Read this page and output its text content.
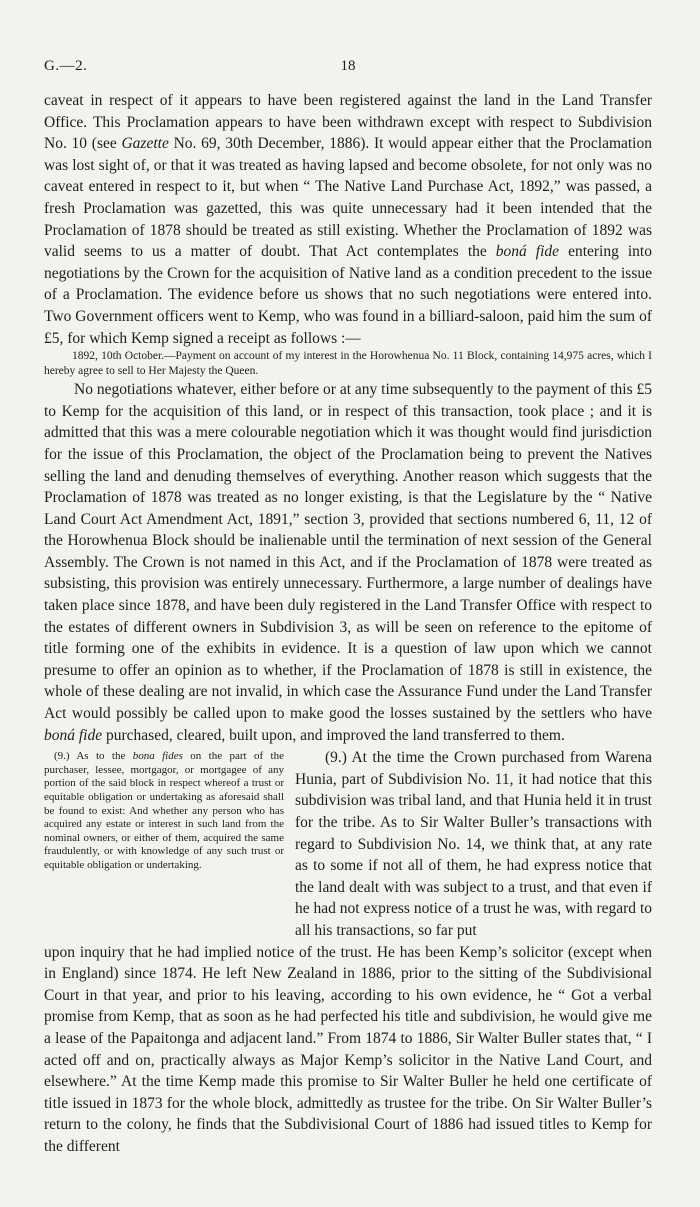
G.—2.	18

caveat in respect of it appears to have been registered against the land in the Land Transfer Office. This Proclamation appears to have been withdrawn except with respect to Subdivision No. 10 (see Gazette No. 69, 30th December, 1886). It would appear either that the Proclamation was lost sight of, or that it was treated as having lapsed and become obsolete, for not only was no caveat entered in respect to it, but when “ The Native Land Purchase Act, 1892,” was passed, a fresh Proclamation was gazetted, this was quite unnecessary had it been intended that the Proclamation of 1878 should be treated as still existing. Whether the Proclamation of 1892 was valid seems to us a matter of doubt. That Act contemplates the boná fide entering into negotiations by the Crown for the acquisition of Native land as a condition precedent to the issue of a Proclamation. The evidence before us shows that no such negotiations were entered into. Two Government officers went to Kemp, who was found in a billiard-saloon, paid him the sum of £5, for which Kemp signed a receipt as follows :—

1892, 10th October.—Payment on account of my interest in the Horowhenua No. 11 Block, containing 14,975 acres, which I hereby agree to sell to Her Majesty the Queen.

No negotiations whatever, either before or at any time subsequently to the payment of this £5 to Kemp for the acquisition of this land, or in respect of this transaction, took place ; and it is admitted that this was a mere colourable negotiation which it was thought would find jurisdiction for the issue of this Proclamation, the object of the Proclamation being to prevent the Natives selling the land and denuding themselves of everything. Another reason which suggests that the Proclamation of 1878 was treated as no longer existing, is that the Legislature by the “ Native Land Court Act Amendment Act, 1891,” section 3, provided that sections numbered 6, 11, 12 of the Horowhenua Block should be inalienable until the termination of next session of the General Assembly. The Crown is not named in this Act, and if the Proclamation of 1878 were treated as subsisting, this provision was entirely unnecessary. Furthermore, a large number of dealings have taken place since 1878, and have been duly registered in the Land Transfer Office with respect to the estates of different owners in Subdivision 3, as will be seen on reference to the epitome of title forming one of the exhibits in evidence. It is a question of law upon which we cannot presume to offer an opinion as to whether, if the Proclamation of 1878 is still in existence, the whole of these dealing are not invalid, in which case the Assurance Fund under the Land Transfer Act would possibly be called upon to make good the losses sustained by the settlers who have boná fide purchased, cleared, built upon, and improved the land transferred to them.

(9.) As to the bona fides on the part of the purchaser, lessee, mortgagor, or mortgagee of any portion of the said block in respect whereof a trust or equitable obligation or undertaking as aforesaid shall be found to exist: And whether any person who has acquired any estate or interest in such land from the nominal owners, or either of them, acquired the same fraudulently, or with knowledge of any such trust or equitable obligation or undertaking.

(9.) At the time the Crown purchased from Warena Hunia, part of Subdivision No. 11, it had notice that this subdivision was tribal land, and that Hunia held it in trust for the tribe. As to Sir Walter Buller’s transactions with regard to Subdivision No. 14, we think that, at any rate as to some if not all of them, he had express notice that the land dealt with was subject to a trust, and that even if he had not express notice of a trust he was, with regard to all his transactions, so far put

upon inquiry that he had implied notice of the trust. He has been Kemp’s solicitor (except when in England) since 1874. He left New Zealand in 1886, prior to the sitting of the Subdivisional Court in that year, and prior to his leaving, according to his own evidence, he “ Got a verbal promise from Kemp, that as soon as he had perfected his title and subdivision, he would give me a lease of the Papaitonga and adjacent land.” From 1874 to 1886, Sir Walter Buller states that, “ I acted off and on, practically always as Major Kemp’s solicitor in the Native Land Court, and elsewhere.” At the time Kemp made this promise to Sir Walter Buller he held one certificate of title issued in 1873 for the whole block, admittedly as trustee for the tribe. On Sir Walter Buller’s return to the colony, he finds that the Subdivisional Court of 1886 had issued titles to Kemp for the different
